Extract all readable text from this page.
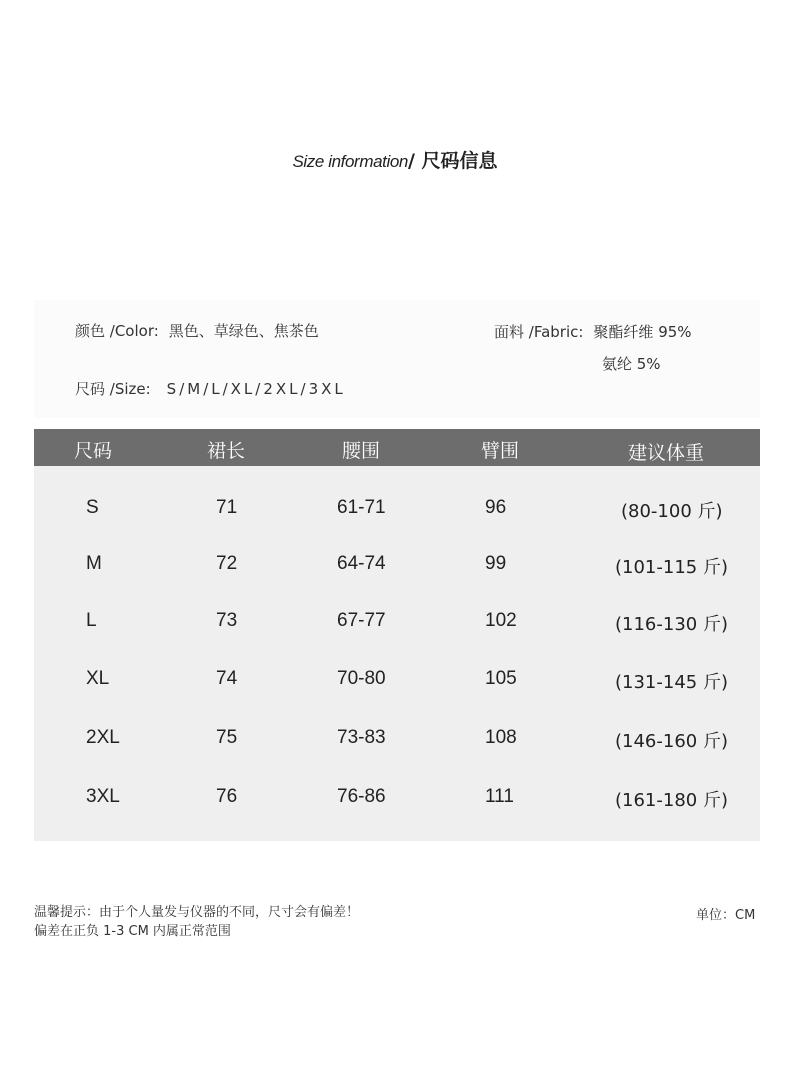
Size information/ 尺码信息
颜色 /Color: 黑色、草绿色、焦茶色	面料 /Fabric: 聚酯纤维 95%
氨纶 5%
尺码 /Size: S/M/L/XL/2XL/3XL
尺码	裙长	腰围	臂围	建议体重
S	71	61-71	96	(80-100 斤)
M	72	64-74	99	(101-115 斤)
L	73	67-77	102	(116-130 斤)
XL	74	70-80	105	(131-145 斤)
2XL	75	73-83	108	(146-160 斤)
3XL	76	76-86	111	(161-180 斤)
温馨提示：由于个人量发与仪器的不同，尺寸会有偏差！
偏差在正负 1-3 CM 内属正常范围
单位：CM
